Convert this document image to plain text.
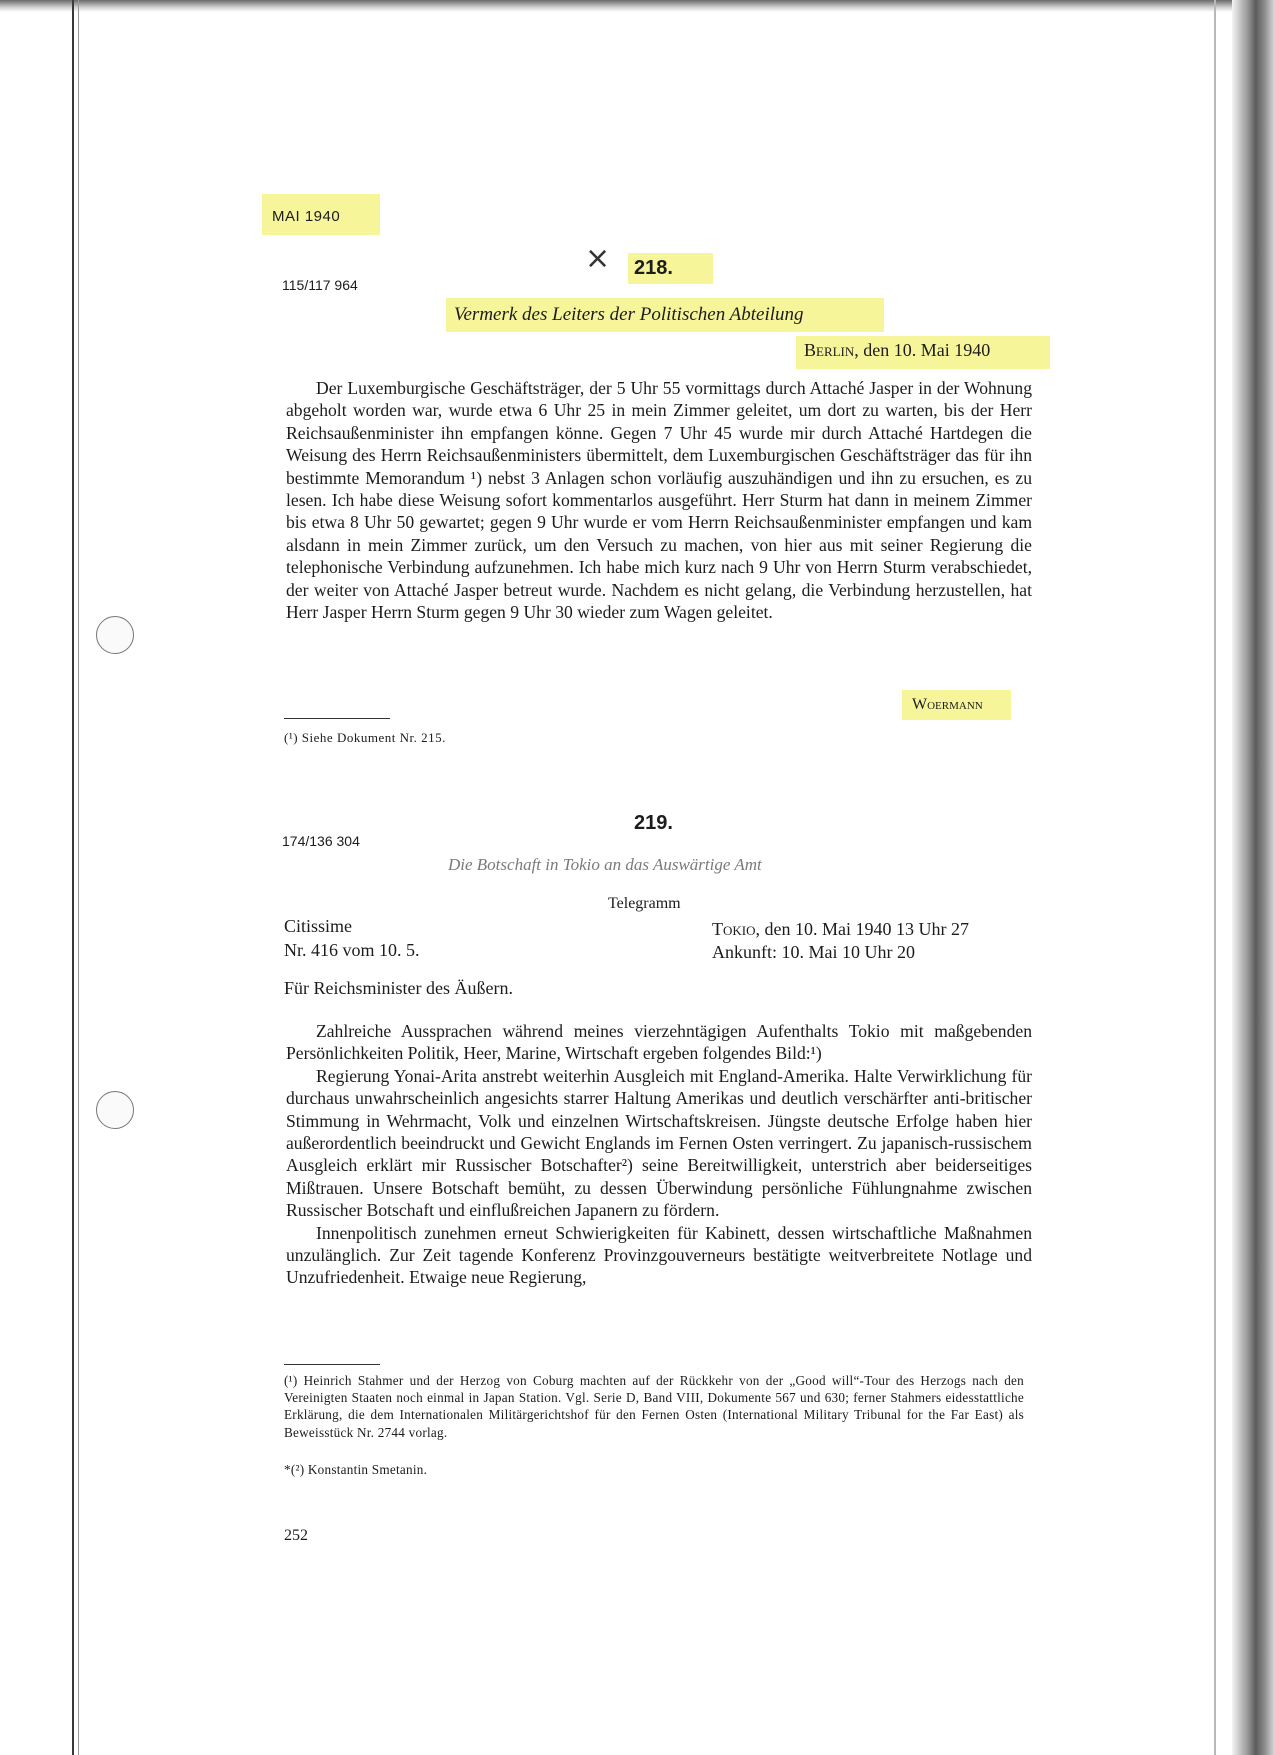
MAI 1940
×	218.
115/117 964
Vermerk des Leiters der Politischen Abteilung
Berlin, den 10. Mai 1940

Der Luxemburgische Geschäftsträger, der 5 Uhr 55 vormittags durch Attaché Jasper in der Wohnung abgeholt worden war, wurde etwa 6 Uhr 25 in mein Zimmer geleitet, um dort zu warten, bis der Herr Reichsaußenminister ihn empfangen könne. Gegen 7 Uhr 45 wurde mir durch Attaché Hartdegen die Weisung des Herrn Reichsaußenministers übermittelt, dem Luxemburgischen Geschäftsträger das für ihn bestimmte Memorandum ¹) nebst 3 Anlagen schon vorläufig auszuhändigen und ihn zu ersuchen, es zu lesen. Ich habe diese Weisung sofort kommentarlos ausgeführt. Herr Sturm hat dann in meinem Zimmer bis etwa 8 Uhr 50 gewartet; gegen 9 Uhr wurde er vom Herrn Reichsaußenminister empfangen und kam alsdann in mein Zimmer zurück, um den Versuch zu machen, von hier aus mit seiner Regierung die telephonische Verbindung aufzunehmen. Ich habe mich kurz nach 9 Uhr von Herrn Sturm verabschiedet, der weiter von Attaché Jasper betreut wurde. Nachdem es nicht gelang, die Verbindung herzustellen, hat Herr Jasper Herrn Sturm gegen 9 Uhr 30 wieder zum Wagen geleitet.

Woermann
(¹) Siehe Dokument Nr. 215.
219.
174/136 304
Die Botschaft in Tokio an das Auswärtige Amt
Telegramm
Citissime
Nr. 416 vom 10. 5.
Tokio, den 10. Mai 1940 13 Uhr 27
Ankunft: 10. Mai 10 Uhr 20
Für Reichsminister des Äußern.

Zahlreiche Aussprachen während meines vierzehntägigen Aufenthalts Tokio mit maßgebenden Persönlichkeiten Politik, Heer, Marine, Wirtschaft ergeben folgendes Bild:¹)

Regierung Yonai-Arita anstrebt weiterhin Ausgleich mit England-Amerika. Halte Verwirklichung für durchaus unwahrscheinlich angesichts starrer Haltung Amerikas und deutlich verschärfter anti-britischer Stimmung in Wehrmacht, Volk und einzelnen Wirtschaftskreisen. Jüngste deutsche Erfolge haben hier außerordentlich beeindruckt und Gewicht Englands im Fernen Osten verringert. Zu japanisch-russischem Ausgleich erklärt mir Russischer Botschafter²) seine Bereitwilligkeit, unterstrich aber beiderseitiges Mißtrauen. Unsere Botschaft bemüht, zu dessen Überwindung persönliche Fühlungnahme zwischen Russischer Botschaft und einflußreichen Japanern zu fördern.

Innenpolitisch zunehmen erneut Schwierigkeiten für Kabinett, dessen wirtschaftliche Maßnahmen unzulänglich. Zur Zeit tagende Konferenz Provinzgouverneurs bestätigte weitverbreitete Notlage und Unzufriedenheit. Etwaige neue Regierung,

(¹) Heinrich Stahmer und der Herzog von Coburg machten auf der Rückkehr von der „Good will“-Tour des Herzogs nach den Vereinigten Staaten noch einmal in Japan Station. Vgl. Serie D, Band VIII, Dokumente 567 und 630; ferner Stahmers eidesstattliche Erklärung, die dem Internationalen Militärgerichtshof für den Fernen Osten (International Military Tribunal for the Far East) als Beweisstück Nr. 2744 vorlag.

*(²) Konstantin Smetanin.

252
